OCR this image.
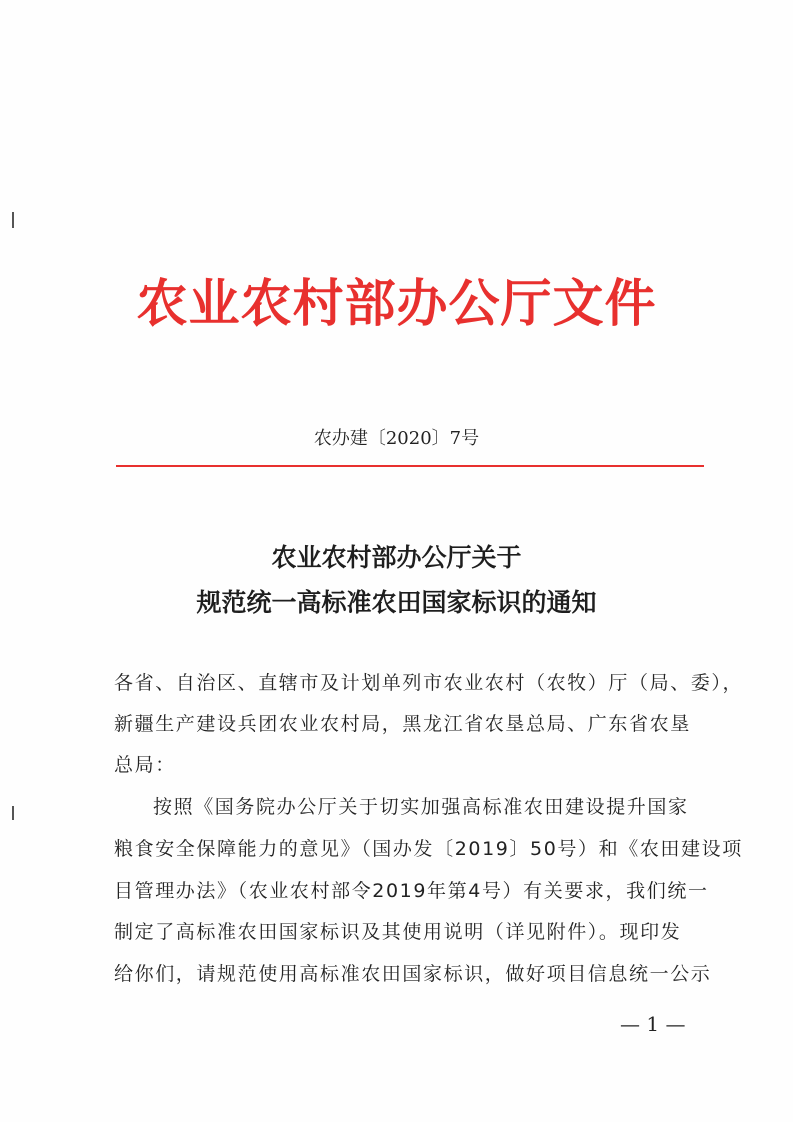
农业农村部办公厅文件
农办建〔2020〕7号
农业农村部办公厅关于
规范统一高标准农田国家标识的通知
各省、自治区、直辖市及计划单列市农业农村（农牧）厅（局、委），
新疆生产建设兵团农业农村局，黑龙江省农垦总局、广东省农垦
总局：
按照《国务院办公厅关于切实加强高标准农田建设提升国家
粮食安全保障能力的意见》（国办发〔2019〕50号）和《农田建设项
目管理办法》（农业农村部令2019年第4号）有关要求，我们统一
制定了高标准农田国家标识及其使用说明（详见附件）。现印发
给你们，请规范使用高标准农田国家标识，做好项目信息统一公示
— 1 —
